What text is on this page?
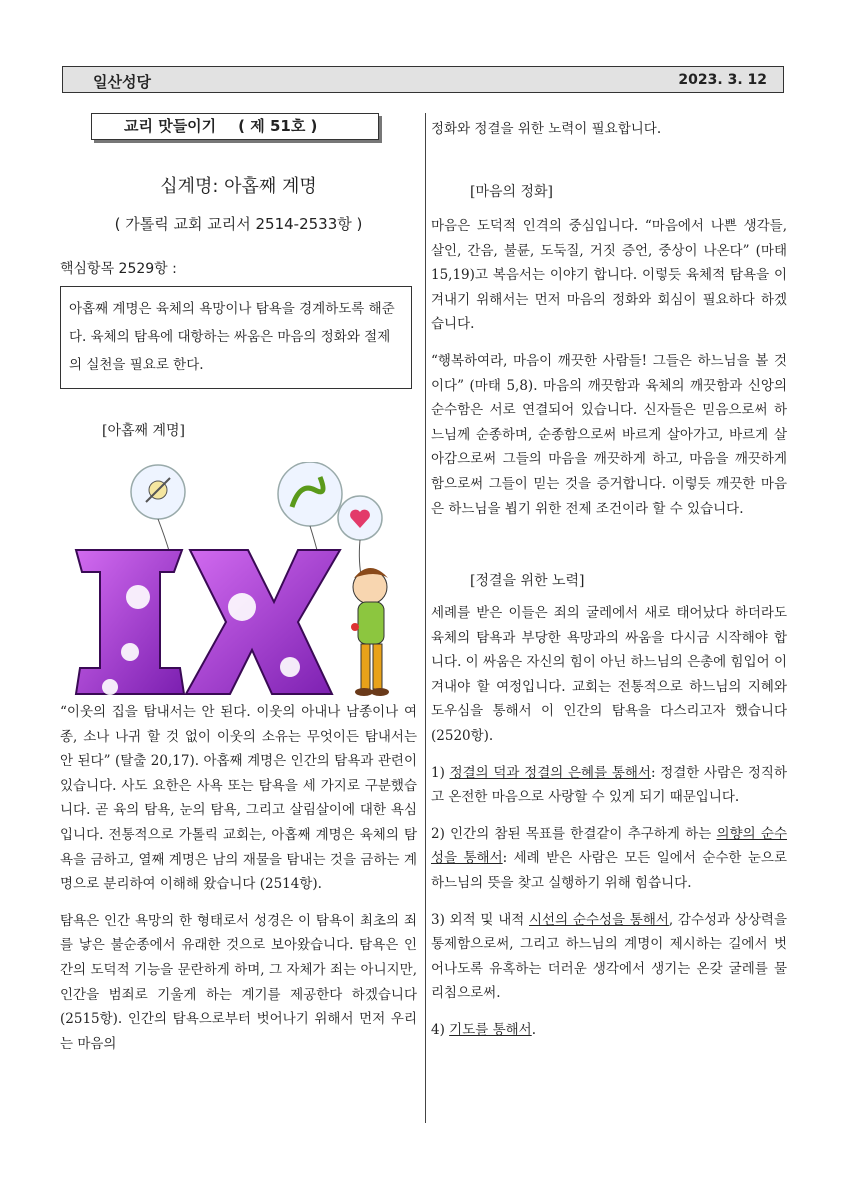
일산성당	2023. 3. 12
교리 맛들이기 ( 제 51호 )
십계명: 아홉째 계명
( 가톨릭 교회 교리서 2514-2533항 )
핵심항목 2529항 :
아홉째 계명은 육체의 욕망이나 탐욕을 경계하도록 해준다. 육체의 탐욕에 대항하는 싸움은 마음의 정화와 절제의 실천을 필요로 한다.
[아홉째 계명]

“이웃의 집을 탐내서는 안 된다. 이웃의 아내나 남종이나 여종, 소나 나귀 할 것 없이 이웃의 소유는 무엇이든 탐내서는 안 된다” (탈출 20,17). 아홉째 계명은 인간의 탐욕과 관련이 있습니다. 사도 요한은 사욕 또는 탐욕을 세 가지로 구분했습니다. 곧 육의 탐욕, 눈의 탐욕, 그리고 살림살이에 대한 욕심입니다. 전통적으로 가톨릭 교회는, 아홉째 계명은 육체의 탐욕을 금하고, 열째 계명은 남의 재물을 탐내는 것을 금하는 계명으로 분리하여 이해해 왔습니다 (2514항).

탐욕은 인간 욕망의 한 형태로서 성경은 이 탐욕이 최초의 죄를 낳은 불순종에서 유래한 것으로 보아왔습니다. 탐욕은 인간의 도덕적 기능을 문란하게 하며, 그 자체가 죄는 아니지만, 인간을 범죄로 기울게 하는 계기를 제공한다 하겠습니다(2515항). 인간의 탐욕으로부터 벗어나기 위해서 먼저 우리는 마음의

정화와 정결을 위한 노력이 필요합니다.

[마음의 정화]

마음은 도덕적 인격의 중심입니다. “마음에서 나쁜 생각들, 살인, 간음, 불륜, 도둑질, 거짓 증언, 중상이 나온다” (마태 15,19)고 복음서는 이야기 합니다. 이렇듯 육체적 탐욕을 이겨내기 위해서는 먼저 마음의 정화와 회심이 필요하다 하겠습니다.

“행복하여라, 마음이 깨끗한 사람들! 그들은 하느님을 볼 것이다” (마태 5,8). 마음의 깨끗함과 육체의 깨끗함과 신앙의 순수함은 서로 연결되어 있습니다. 신자들은 믿음으로써 하느님께 순종하며, 순종함으로써 바르게 살아가고, 바르게 살아감으로써 그들의 마음을 깨끗하게 하고, 마음을 깨끗하게 함으로써 그들이 믿는 것을 증거합니다. 이렇듯 깨끗한 마음은 하느님을 뵙기 위한 전제 조건이라 할 수 있습니다.

[정결을 위한 노력]

세례를 받은 이들은 죄의 굴레에서 새로 태어났다 하더라도 육체의 탐욕과 부당한 욕망과의 싸움을 다시금 시작해야 합니다. 이 싸움은 자신의 힘이 아닌 하느님의 은총에 힘입어 이겨내야 할 여정입니다. 교회는 전통적으로 하느님의 지혜와 도우심을 통해서 이 인간의 탐욕을 다스리고자 했습니다(2520항).

1) 정결의 덕과 정결의 은혜를 통해서: 정결한 사람은 정직하고 온전한 마음으로 사랑할 수 있게 되기 때문입니다.

2) 인간의 참된 목표를 한결같이 추구하게 하는 의향의 순수성을 통해서: 세례 받은 사람은 모든 일에서 순수한 눈으로 하느님의 뜻을 찾고 실행하기 위해 힘씁니다.

3) 외적 및 내적 시선의 순수성을 통해서, 감수성과 상상력을 통제함으로써, 그리고 하느님의 계명이 제시하는 길에서 벗어나도록 유혹하는 더러운 생각에서 생기는 온갖 굴레를 물리침으로써.

4) 기도를 통해서.
